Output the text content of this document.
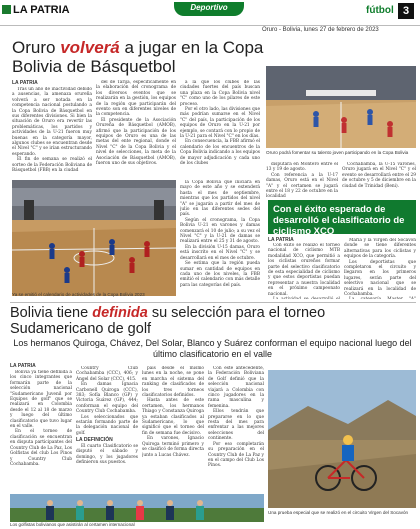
LA PATRIA	Deportivo	fútbol 3
Oruro - Bolivia, lunes 27 de febrero de 2023
Oruro volverá a jugar en la Copa Bolivia de Básquetbol
LA PATRIA

Tras un año de inactividad debido a ausencias, la amenaza orureña volverá a ser notada en la competencia nacional postulando a la Copa Bolivia de Básquetbol en sus diferentes divisiones. Si bien la situación de Oruro era revertir las problemáticas, los partidos y actividades de la U-21 fueron muy buenas en la categoría mayor, algunos clubes se encuentran desde el Nivel "C" y se irían estructurando esperando.

El fin de semana se realizó el sorteo de la Federación Boliviana de Básquetbol (FBB) en la ciudad

del de Tarija, específicamente en la elaboración del cronograma de los diversos eventos que se realizarán en la gestión, los equipos de la región que participarán del evento son en diferentes niveles de la competencia.

El presidente de la Asociación Orureña de Básquetbol (AMOB), afirmó que la participación de los equipos de Oruro es una de las metas del ente regional, donde el Nivel "C" de la Copa Bolivia y el nivel de selecciones, la meta de la Asociación de Básquetbol (AMOB), fueron uno de sus objetivos.

a la que los clubes de las ciudades fuertes del país buscan una plaza en la Copa Bolivia nivel "C" como uno de los pilares de este proceso.

Por el otro lado, las divisiones que más podrían sumarse en el Nivel "C" del país, la participación de los equipos de Oruro en la U-21 por ejemplo, se contará con lo propio de la U-21 para el Nivel "C" en los días.

En consecuencia, la FBB afirmó el calendario de los encuentros de la Copa Bolivia indicando a los equipos de mayor adjudicación y cada uno de los clubes

Ya se emitió el calendario de actividades de la Copa Bolivia 2023

la Copa Bolivia que iniciará en mayo de este año y se extenderá hasta el mes de septiembre, mientras que los partidos del nivel "A" se jugarán a partir del mes de julio en las diferentes sedes del país.

Según el cronograma, la Copa Bolivia U-21 en varones y damas comenzará el 10 de julio; a su vez el Nivel "C" y la U-21 de damas se realizará entre el 25 y 31 de agosto.

En la división U-15 damas, Oruro está inscrito en el Nivel "C" y se desarrollará en el mes de octubre.

Se estima que la región pueda sumar en cantidad de equipos en cada uno de los niveles, la FBB emitió el calendario con más detalle para las categorías del país.

Oruro podrá fomentar su talento joven participando en la Copa Bolivia

disputará en Montero entre el 13 y 19 de agosto.

Con referencia a la U-17 damas, Oruro está en el Nivel "A" y el certamen se jugará entre el 18 y 22 de octubre en la localidad

Cochabamba, la U-15 varones, Oruro jugará en el Nivel "C" y el evento se desarrollará entre el 29 de octubre y 5 de diciembre en la ciudad de Trinidad (Beni).

Con el éxito esperado de desarrolló el clasificatorio de ciclismo XCO
LA PATRIA

Con éxito se realizó el torneo nacional de ciclismo MTB modalidad XCO, que permitió a los ciclistas orureños formar parte del selectivo clasificatorio de esta especialidad de ciclismo y que estos deportistas puedan representar a nuestra localidad en el próximo campeonato nacional.

María y la Virgen del Socavón donde se tiene diferentes alternativas para los ciclistas y equipos de la categoría.

Los deportistas que completaron el circuito y llegaron en los primeros lugares, serán parte del selectivo nacional que se realizará en la localidad de Cochabamba.

Bolivia tiene definida su selección para el torneo Sudamericano de golf
Los hermanos Quiroga, Chávez, Del Solar, Blanco y Suárez conforman el equipo nacional luego del último clasificatorio en el valle
LA PATRIA

Bolivia ya tiene definida a los cinco integrantes que formarán parte de la selección nacional "Sudamericano Juvenil por Equipos de golf" que se realizará en Colombia desde el 12 al 18 de marzo y luego del último clasificatorio que tuvo lugar en el valle.

En el torneo de clasificación se encuentran en disputa participantes del Country Club de La Paz, Los Golfistas del club Los Pinos y Country Club Cochabamba.

Country Club Cochabamba (CCC), 406; y Ángel del Solar (CCC), 415.

En damas Ignacia Carbonell Quiroga (CCC), 383; Sofía Blanco (GP) y Victoria Suárez (GP), 444; conforman el equipo del Country Club Cochabamba.

Los seleccionados que estarán formando parte de la delegación nacional de golf.

LA DEFINICIÓN

El cuarto Clasificatorio se disputó el sábado y domingo, y los jugadores definieron sus puestos.

país desde el mismo lunes en la noche, se pone en marcha el sistema del ranking de clasificados de los tres torneos clasificatorios definidos.

Hasta antes de este certamen, los hermanos Thiago y Constanza Quiroga ya estaban clasificados al Sudamericano, lo que significó que el torneo del fin de semana fue decisivo.

En varones, Ignacio Quiroga terminó primero y se clasificó de forma directa junto a Lucas Chávez.

Con este antecedente, la Federación Boliviana de Golf definió que la selección nacional viajará a Colombia con cinco jugadores en la rama masculina y femenina.

Ellos tendrán que prepararse en lo que resta del mes para enfrentar a las mejores selecciones del continente.

Por eso completarán su preparación en el Country Club de La Paz y en el campo del Club Los Pinos.

Los golfistas bolivianos que asistirán al certamen internacional
Una prueba especial que se realizó en el circuito Virgen del Socavón
